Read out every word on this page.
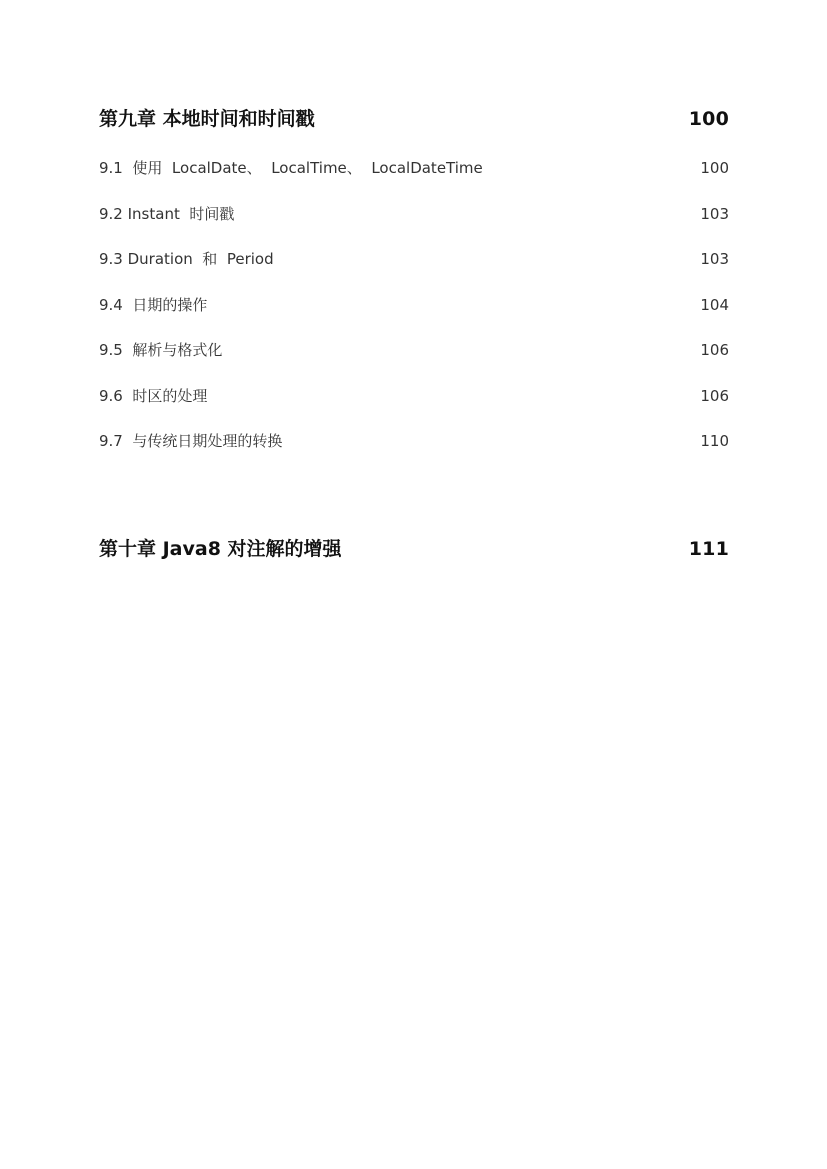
第九章 本地时间和时间戳	100
9.1  使用  LocalDate、  LocalTime、  LocalDateTime	100
9.2 Instant  时间戳	103
9.3 Duration  和  Period	103
9.4  日期的操作	104
9.5  解析与格式化	106
9.6  时区的处理	106
9.7  与传统日期处理的转换	110
第十章 Java8 对注解的增强	111
